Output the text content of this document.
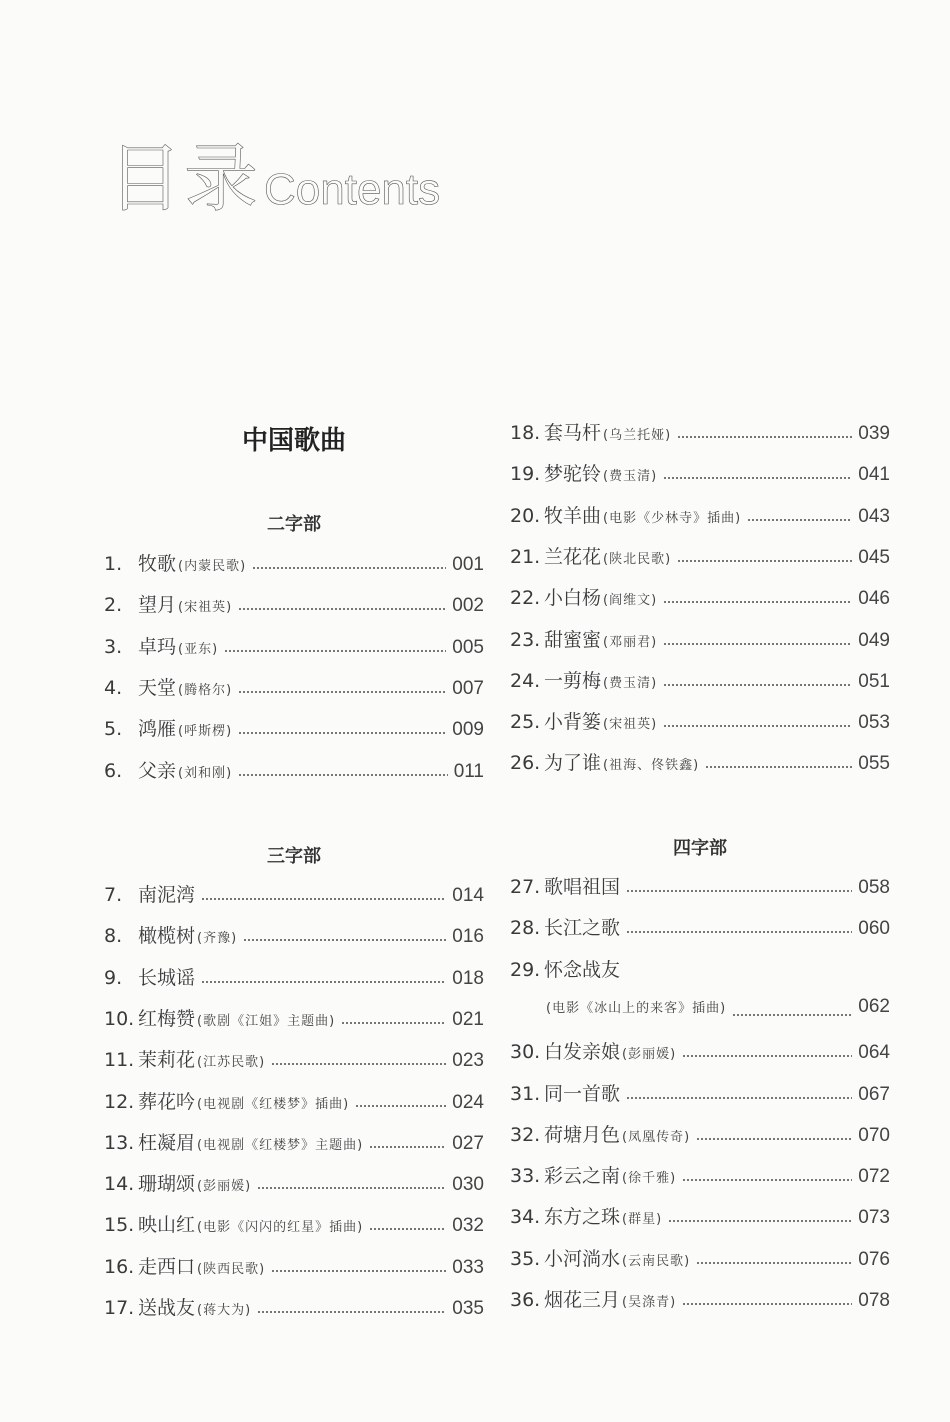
目录Contents
中国歌曲
二字部
三字部	四字部
1. 牧歌 (内蒙民歌)	001
2. 望月 (宋祖英)	002
3. 卓玛 (亚东)	005
4. 天堂 (腾格尔)	007
5. 鸿雁 (呼斯楞)	009
6. 父亲 (刘和刚)	011
7. 南泥湾	014
8. 橄榄树 (齐豫)	016
9. 长城谣	018
10. 红梅赞 (歌剧《江姐》主题曲)	021
11. 茉莉花 (江苏民歌)	023
12. 葬花吟 (电视剧《红楼梦》插曲)	024
13. 枉凝眉 (电视剧《红楼梦》主题曲)	027
14. 珊瑚颂 (彭丽媛)	030
15. 映山红 (电影《闪闪的红星》插曲)	032
16. 走西口 (陕西民歌)	033
17. 送战友 (蒋大为)	035
18. 套马杆 (乌兰托娅)	039
19. 梦驼铃 (费玉清)	041
20. 牧羊曲 (电影《少林寺》插曲)	043
21. 兰花花 (陕北民歌)	045
22. 小白杨 (阎维文)	046
23. 甜蜜蜜 (邓丽君)	049
24. 一剪梅 (费玉清)	051
25. 小背篓 (宋祖英)	053
26. 为了谁 (祖海、佟铁鑫)	055
27. 歌唱祖国	058
28. 长江之歌	060
29. 怀念战友
(电影《冰山上的来客》插曲)	062
30. 白发亲娘 (彭丽媛)	064
31. 同一首歌	067
32. 荷塘月色 (凤凰传奇)	070
33. 彩云之南 (徐千雅)	072
34. 东方之珠 (群星)	073
35. 小河淌水 (云南民歌)	076
36. 烟花三月 (吴涤青)	078
